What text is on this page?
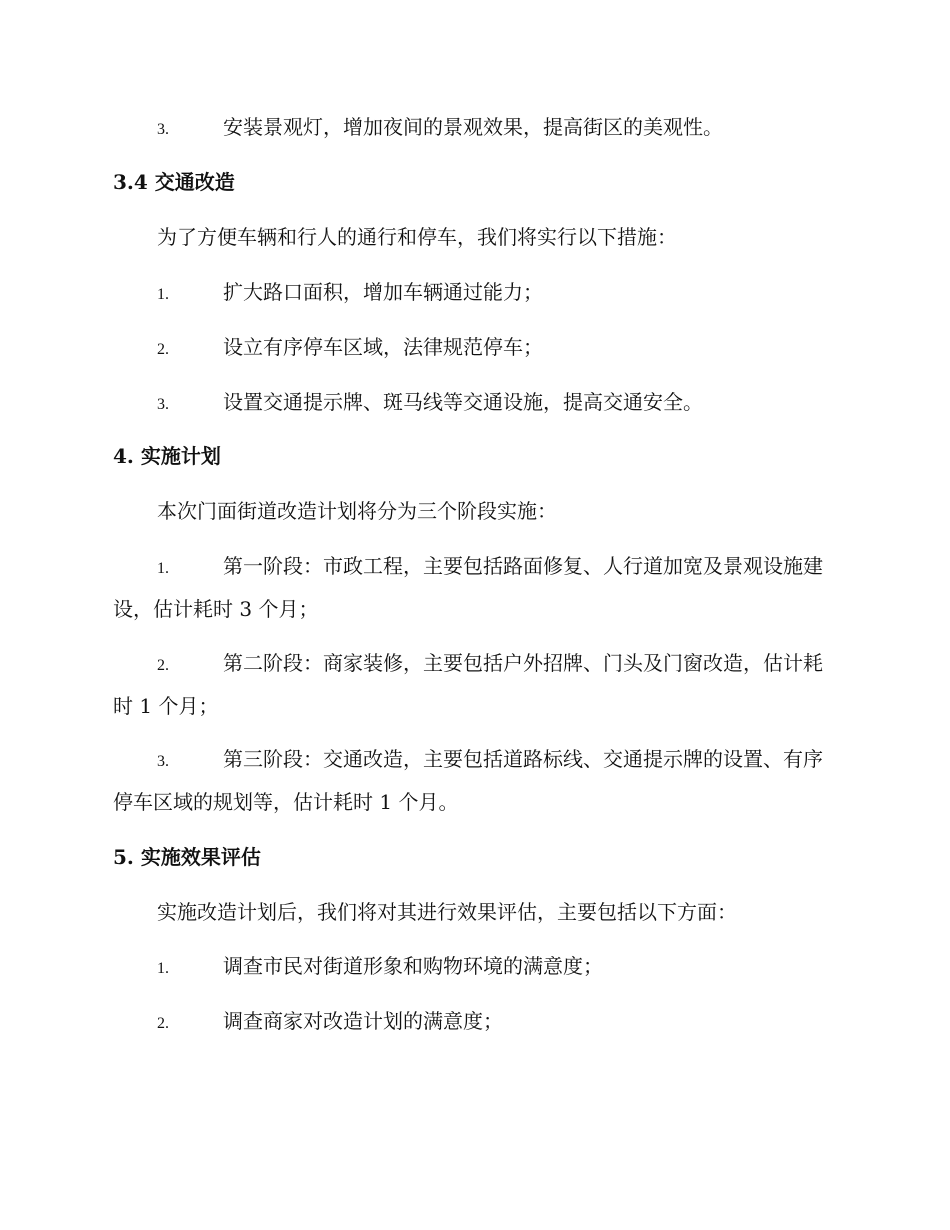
3.	安装景观灯，增加夜间的景观效果，提高街区的美观性。
3.4 交通改造
为了方便车辆和行人的通行和停车，我们将实行以下措施：
1.	扩大路口面积，增加车辆通过能力；
2.	设立有序停车区域，法律规范停车；
3.	设置交通提示牌、斑马线等交通设施，提高交通安全。
4. 实施计划
本次门面街道改造计划将分为三个阶段实施：
1.	第一阶段：市政工程，主要包括路面修复、人行道加宽及景观设施建设，估计耗时 3 个月；
2.	第二阶段：商家装修，主要包括户外招牌、门头及门窗改造，估计耗时 1 个月；
3.	第三阶段：交通改造，主要包括道路标线、交通提示牌的设置、有序停车区域的规划等，估计耗时 1 个月。
5. 实施效果评估
实施改造计划后，我们将对其进行效果评估，主要包括以下方面：
1.	调查市民对街道形象和购物环境的满意度；
2.	调查商家对改造计划的满意度；
